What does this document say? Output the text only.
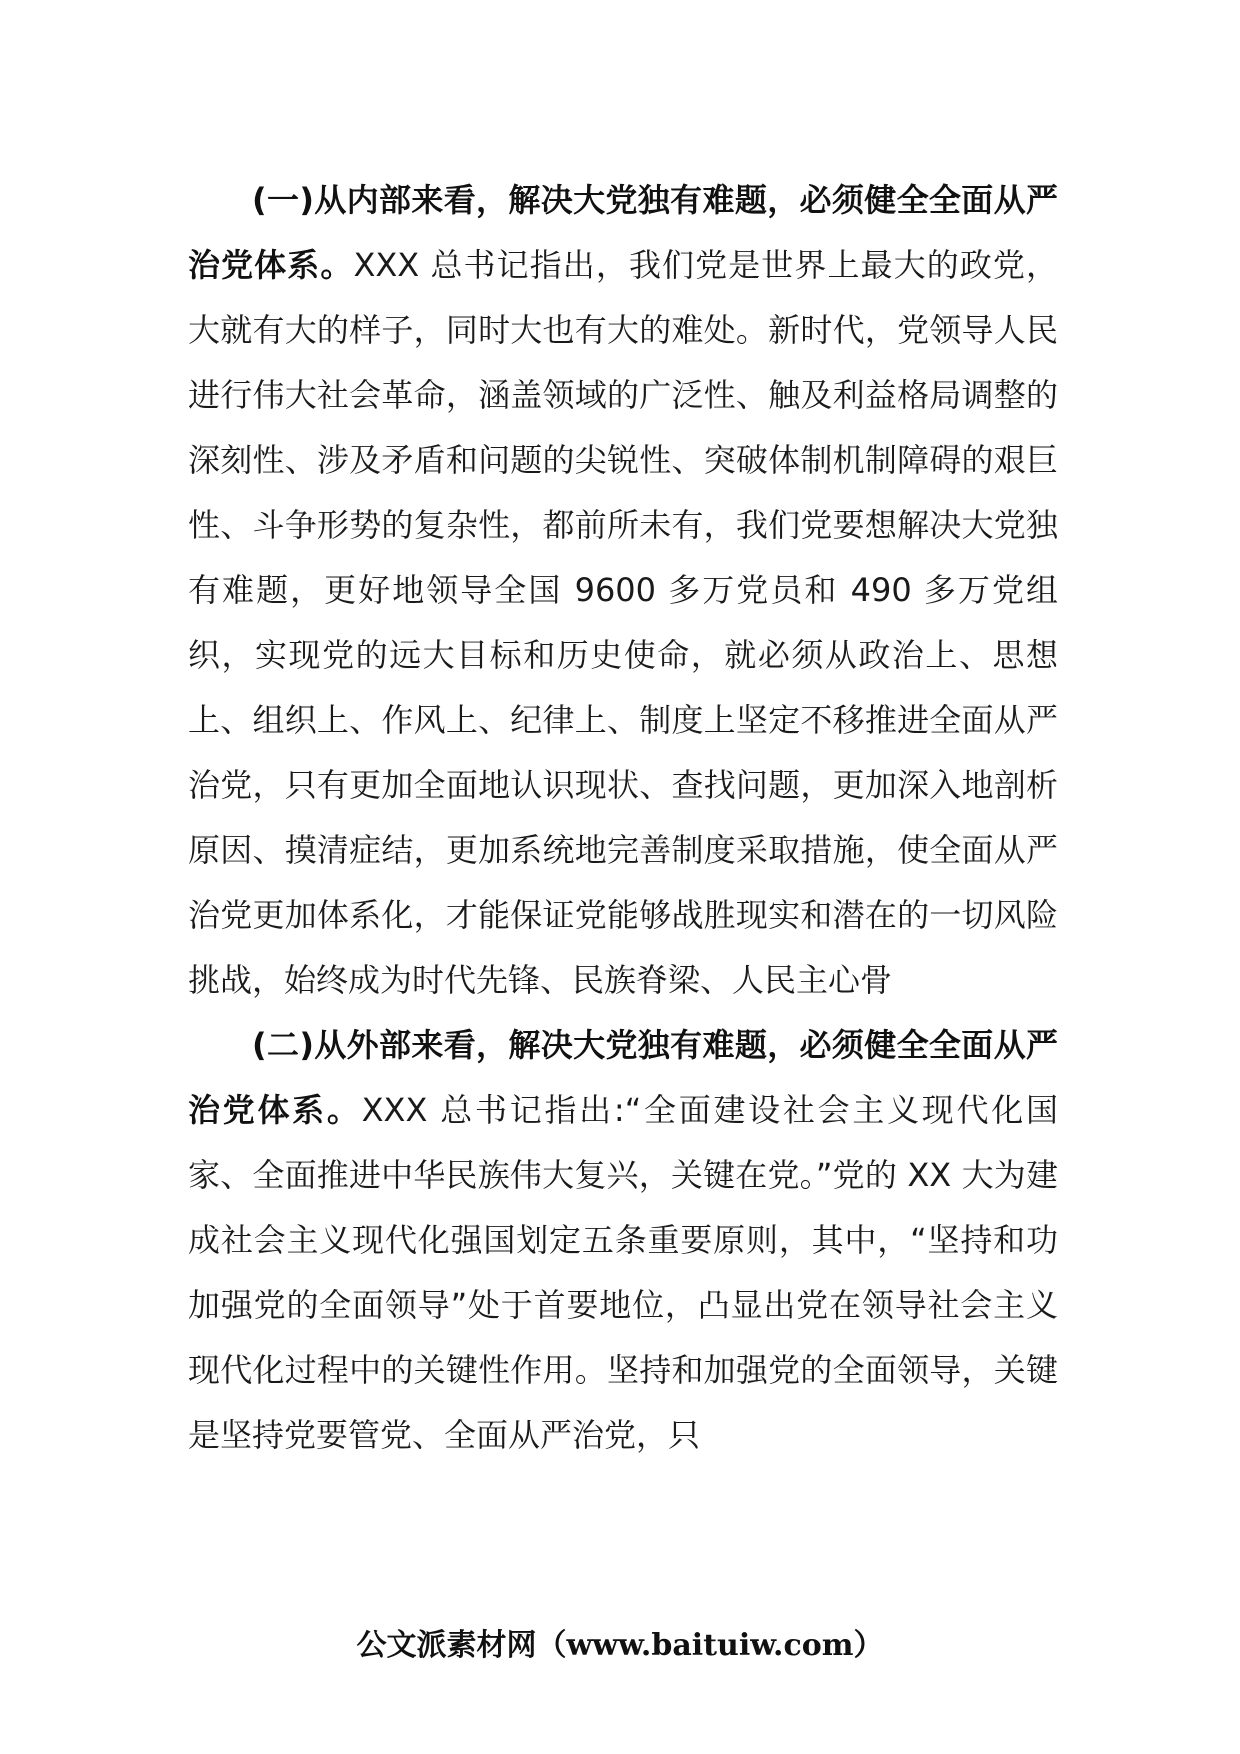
(一)从内部来看，解决大党独有难题，必须健全全面从严治党体系。XXX 总书记指出，我们党是世界上最大的政党，大就有大的样子，同时大也有大的难处。新时代，党领导人民进行伟大社会革命，涵盖领域的广泛性、触及利益格局调整的深刻性、涉及矛盾和问题的尖锐性、突破体制机制障碍的艰巨性、斗争形势的复杂性，都前所未有，我们党要想解决大党独有难题，更好地领导全国 9600 多万党员和 490 多万党组织，实现党的远大目标和历史使命，就必须从政治上、思想上、组织上、作风上、纪律上、制度上坚定不移推进全面从严治党，只有更加全面地认识现状、查找问题，更加深入地剖析原因、摸清症结，更加系统地完善制度采取措施，使全面从严治党更加体系化，才能保证党能够战胜现实和潜在的一切风险挑战，始终成为时代先锋、民族脊梁、人民主心骨

(二)从外部来看，解决大党独有难题，必须健全全面从严治党体系。XXX 总书记指出:“全面建设社会主义现代化国家、全面推进中华民族伟大复兴，关键在党。”党的 XX 大为建成社会主义现代化强国划定五条重要原则，其中，“坚持和功加强党的全面领导”处于首要地位，凸显出党在领导社会主义现代化过程中的关键性作用。坚持和加强党的全面领导，关键是坚持党要管党、全面从严治党，只

公文派素材网（www.baituiw.com）
